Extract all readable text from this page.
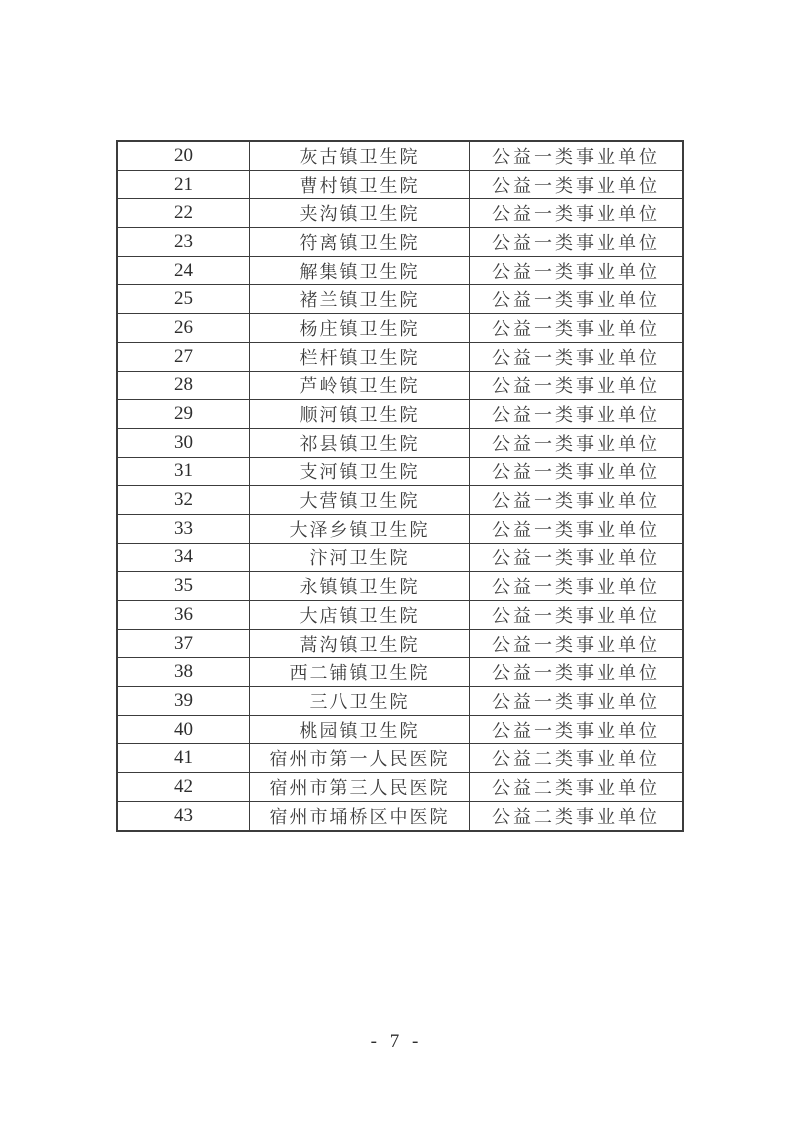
20	灰古镇卫生院	公益一类事业单位
21	曹村镇卫生院	公益一类事业单位
22	夹沟镇卫生院	公益一类事业单位
23	符离镇卫生院	公益一类事业单位
24	解集镇卫生院	公益一类事业单位
25	褚兰镇卫生院	公益一类事业单位
26	杨庄镇卫生院	公益一类事业单位
27	栏杆镇卫生院	公益一类事业单位
28	芦岭镇卫生院	公益一类事业单位
29	顺河镇卫生院	公益一类事业单位
30	祁县镇卫生院	公益一类事业单位
31	支河镇卫生院	公益一类事业单位
32	大营镇卫生院	公益一类事业单位
33	大泽乡镇卫生院	公益一类事业单位
34	汴河卫生院	公益一类事业单位
35	永镇镇卫生院	公益一类事业单位
36	大店镇卫生院	公益一类事业单位
37	蒿沟镇卫生院	公益一类事业单位
38	西二铺镇卫生院	公益一类事业单位
39	三八卫生院	公益一类事业单位
40	桃园镇卫生院	公益一类事业单位
41	宿州市第一人民医院	公益二类事业单位
42	宿州市第三人民医院	公益二类事业单位
43	宿州市埇桥区中医院	公益二类事业单位
- 7 -
